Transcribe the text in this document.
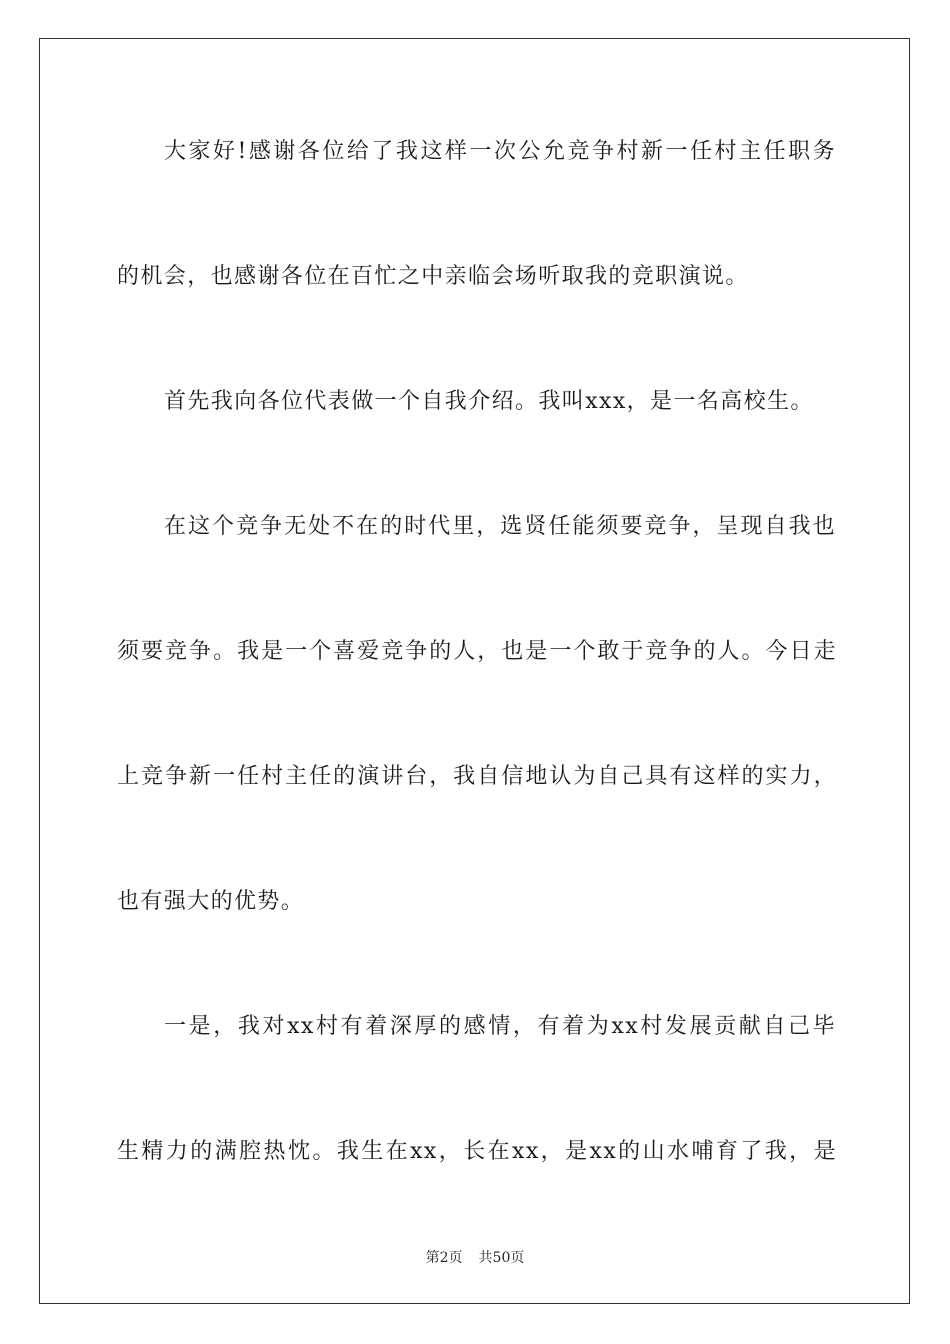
大家好!感谢各位给了我这样一次公允竞争村新一任村主任职务
的机会，也感谢各位在百忙之中亲临会场听取我的竞职演说。
首先我向各位代表做一个自我介绍。我叫xxx，是一名高校生。
在这个竞争无处不在的时代里，选贤任能须要竞争，呈现自我也
须要竞争。我是一个喜爱竞争的人，也是一个敢于竞争的人。今日走
上竞争新一任村主任的演讲台，我自信地认为自己具有这样的实力，
也有强大的优势。
一是，我对xx村有着深厚的感情，有着为xx村发展贡献自己毕
生精力的满腔热忱。我生在xx，长在xx，是xx的山水哺育了我，是
第2页 共50页
